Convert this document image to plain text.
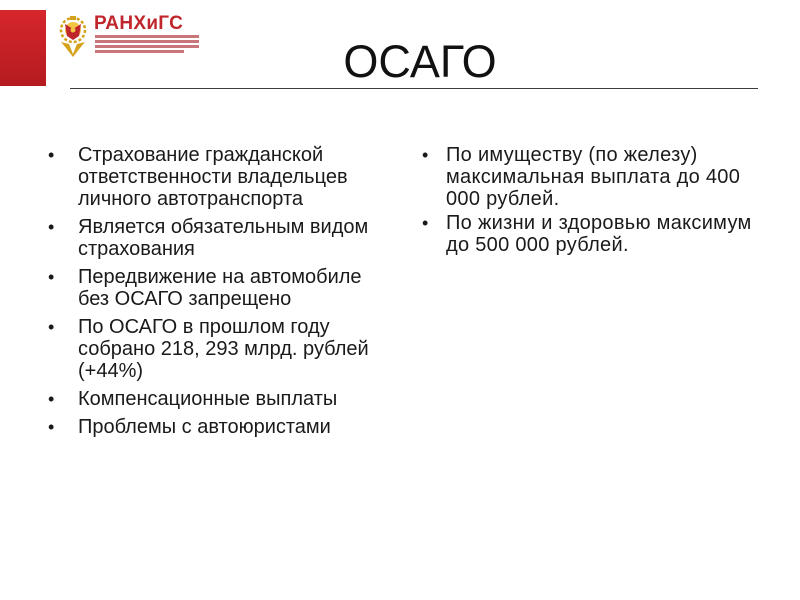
РАНХиГС
ОСАГО
• Страхование гражданской ответственности владельцев личного автотранспорта
• Является обязательным видом страхования
• Передвижение на автомобиле без ОСАГО запрещено
• По ОСАГО в прошлом году собрано 218, 293 млрд. рублей (+44%)
• Компенсационные выплаты
• Проблемы с автоюристами
• По имуществу (по железу) максимальная выплата до 400 000 рублей.
• По жизни и здоровью максимум до 500 000 рублей.
